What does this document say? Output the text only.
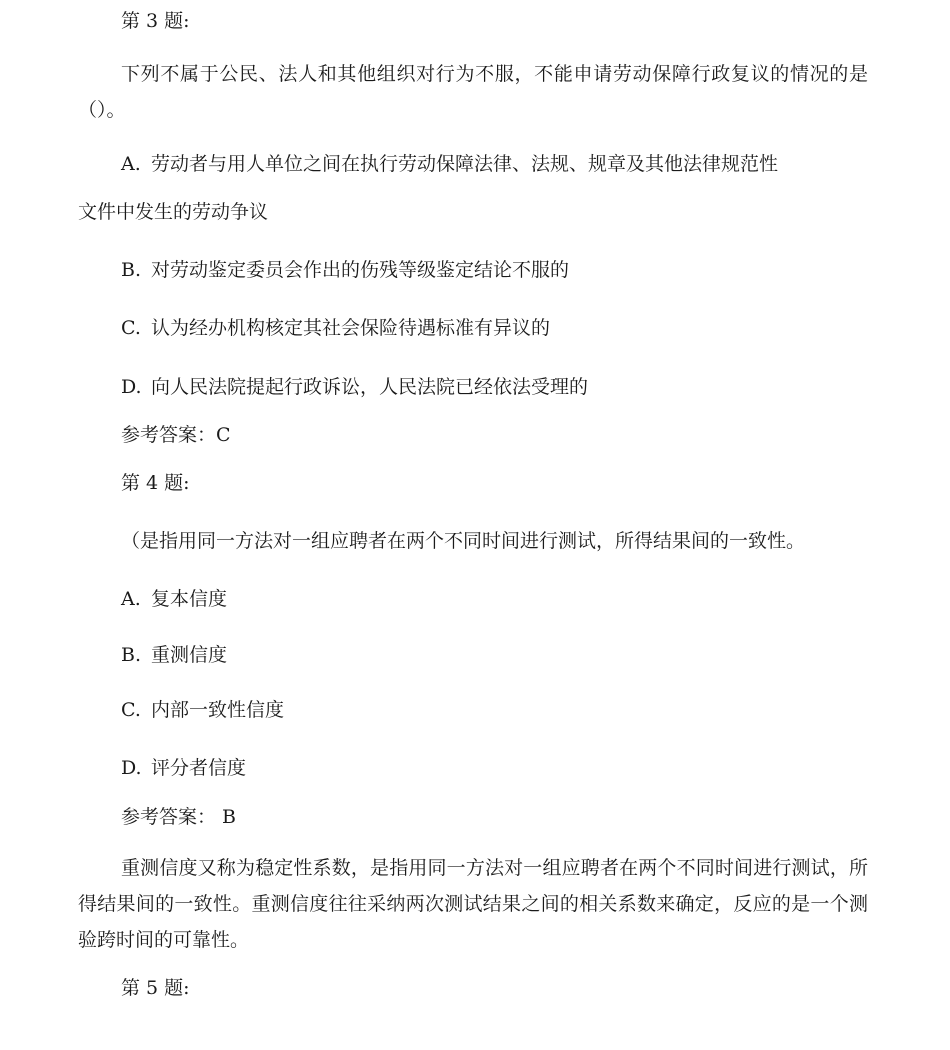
第 3 题:
下列不属于公民、法人和其他组织对行为不服，不能申请劳动保障行政复议的情况的是（）。
A. 劳动者与用人单位之间在执行劳动保障法律、法规、规章及其他法律规范性
文件中发生的劳动争议
B. 对劳动鉴定委员会作出的伤残等级鉴定结论不服的
C. 认为经办机构核定其社会保险待遇标准有异议的
D. 向人民法院提起行政诉讼，人民法院已经依法受理的
参考答案：C
第 4 题:
（是指用同一方法对一组应聘者在两个不同时间进行测试，所得结果间的一致性。
A. 复本信度
B. 重测信度
C. 内部一致性信度
D. 评分者信度
参考答案： B
重测信度又称为稳定性系数，是指用同一方法对一组应聘者在两个不同时间进行测试，所得结果间的一致性。重测信度往往采纳两次测试结果之间的相关系数来确定，反应的是一个测验跨时间的可靠性。
第 5 题:
